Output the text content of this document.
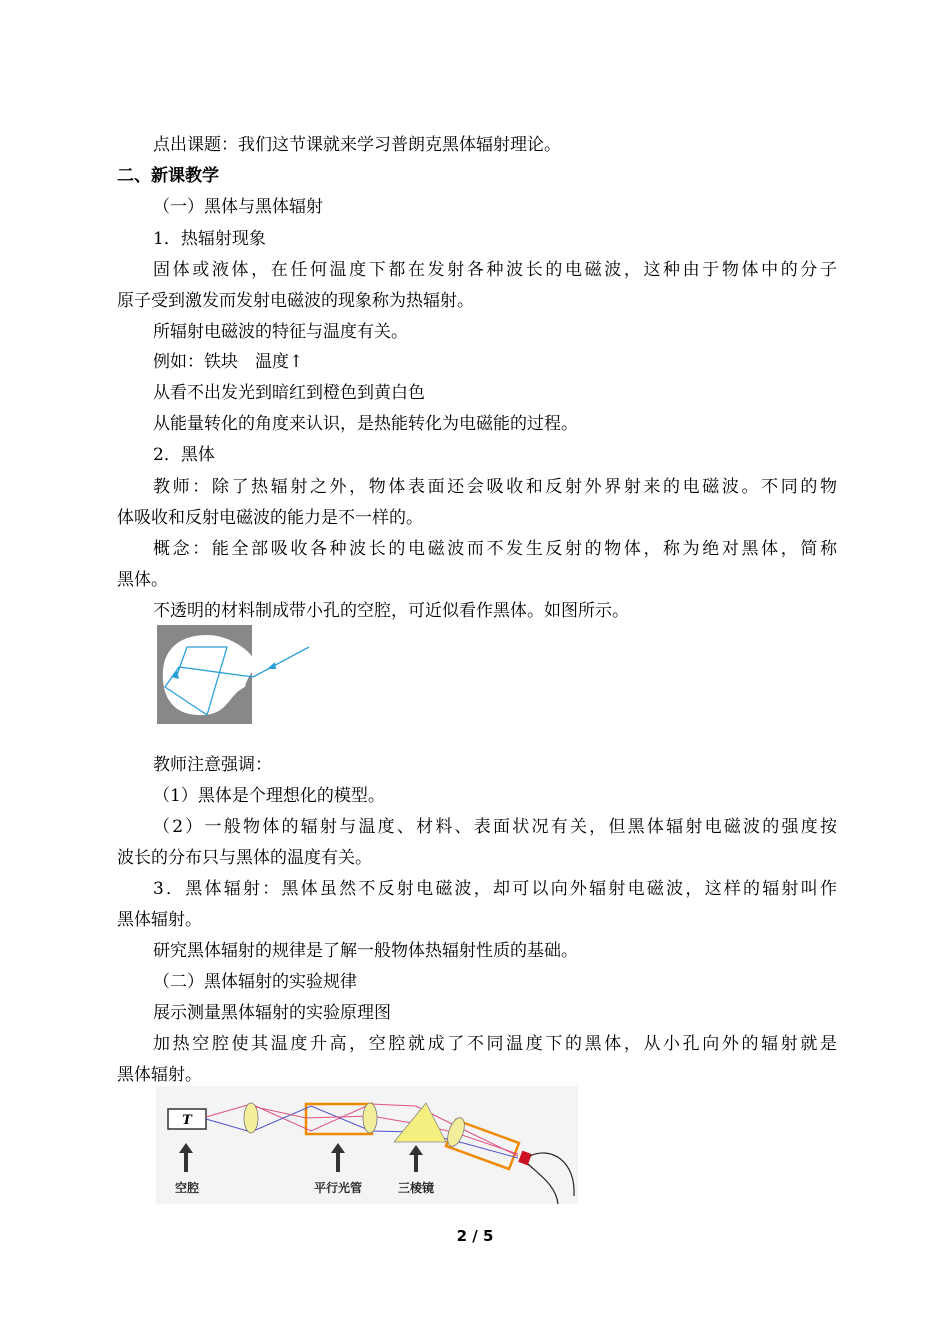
点出课题：我们这节课就来学习普朗克黑体辐射理论。
二、新课教学
（一）黑体与黑体辐射
1．热辐射现象
固体或液体，在任何温度下都在发射各种波长的电磁波，这种由于物体中的分子
原子受到激发而发射电磁波的现象称为热辐射。
所辐射电磁波的特征与温度有关。
例如：铁块　温度↑
从看不出发光到暗红到橙色到黄白色
从能量转化的角度来认识，是热能转化为电磁能的过程。
2．黑体
教师：除了热辐射之外，物体表面还会吸收和反射外界射来的电磁波。不同的物
体吸收和反射电磁波的能力是不一样的。
概念：能全部吸收各种波长的电磁波而不发生反射的物体，称为绝对黑体，简称
黑体。
不透明的材料制成带小孔的空腔，可近似看作黑体。如图所示。
教师注意强调：
（1）黑体是个理想化的模型。
（2）一般物体的辐射与温度、材料、表面状况有关，但黑体辐射电磁波的强度按
波长的分布只与黑体的温度有关。
3．黑体辐射：黑体虽然不反射电磁波，却可以向外辐射电磁波，这样的辐射叫作
黑体辐射。
研究黑体辐射的规律是了解一般物体热辐射性质的基础。
（二）黑体辐射的实验规律
展示测量黑体辐射的实验原理图
加热空腔使其温度升高，空腔就成了不同温度下的黑体，从小孔向外的辐射就是
黑体辐射。
T
空腔	平行光管	三棱镜
2 / 5
